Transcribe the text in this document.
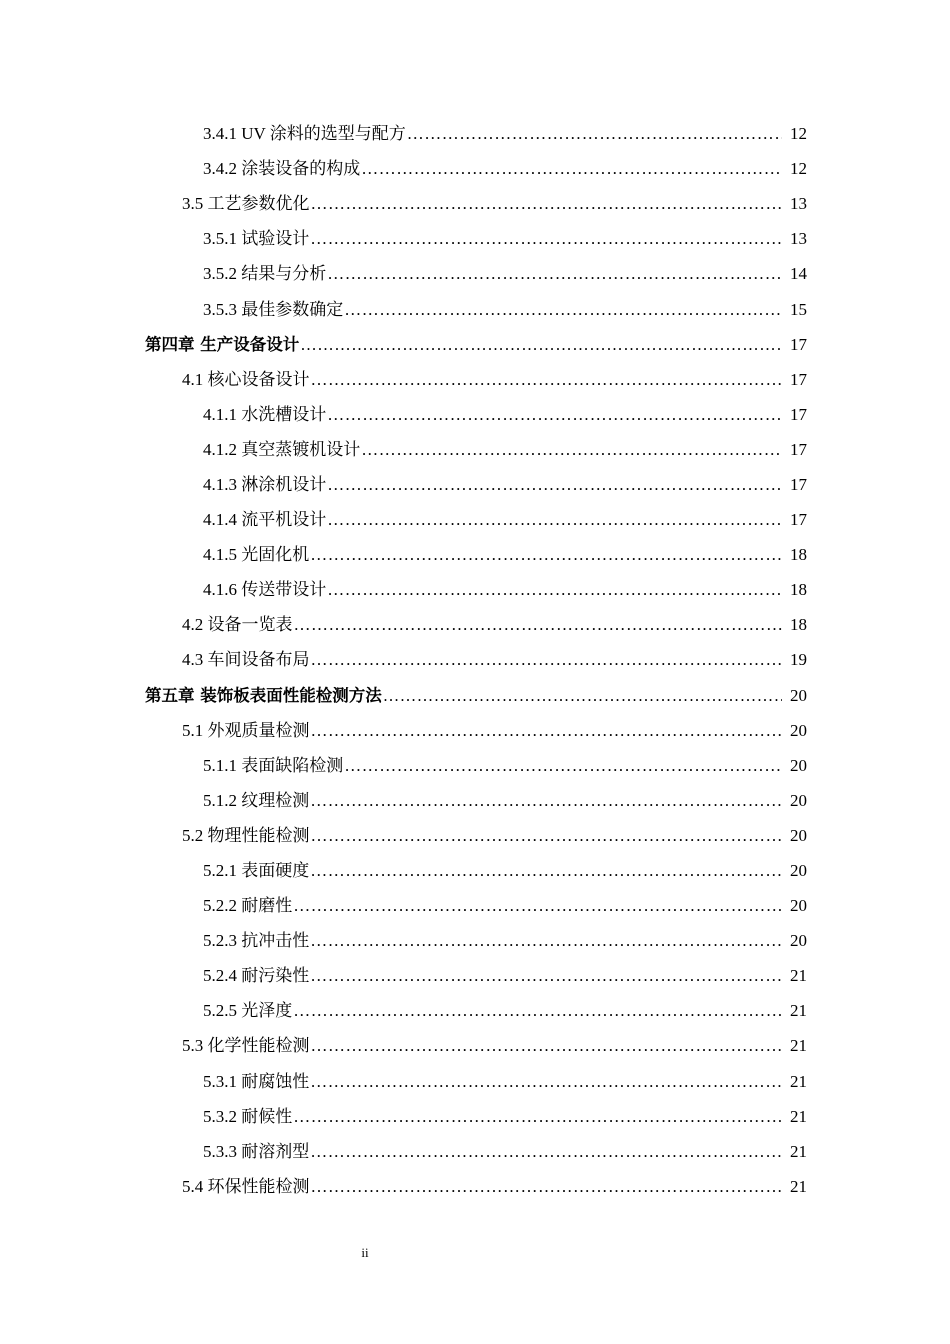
3.4.1 UV 涂料的选型与配方 ……………………………………………………………………………………………………………………………………………………………………………………………………………………	12
3.4.2 涂装设备的构成 ……………………………………………………………………………………………………………………………………………………………………………………………………………………	12
3.5 工艺参数优化 ……………………………………………………………………………………………………………………………………………………………………………………………………………………	13
3.5.1 试验设计 ……………………………………………………………………………………………………………………………………………………………………………………………………………………	13
3.5.2 结果与分析 ……………………………………………………………………………………………………………………………………………………………………………………………………………………	14
3.5.3 最佳参数确定 ……………………………………………………………………………………………………………………………………………………………………………………………………………………	15
第四章 生产设备设计 ……………………………………………………………………………………………………………………………………………………………………………………………………………………	17
4.1 核心设备设计 ……………………………………………………………………………………………………………………………………………………………………………………………………………………	17
4.1.1 水洗槽设计 ……………………………………………………………………………………………………………………………………………………………………………………………………………………	17
4.1.2 真空蒸镀机设计 ……………………………………………………………………………………………………………………………………………………………………………………………………………………	17
4.1.3 淋涂机设计 ……………………………………………………………………………………………………………………………………………………………………………………………………………………	17
4.1.4 流平机设计 ……………………………………………………………………………………………………………………………………………………………………………………………………………………	17
4.1.5 光固化机 ……………………………………………………………………………………………………………………………………………………………………………………………………………………	18
4.1.6 传送带设计 ……………………………………………………………………………………………………………………………………………………………………………………………………………………	18
4.2 设备一览表 ……………………………………………………………………………………………………………………………………………………………………………………………………………………	18
4.3 车间设备布局 ……………………………………………………………………………………………………………………………………………………………………………………………………………………	19
第五章 装饰板表面性能检测方法 ……………………………………………………………………………………………………………………………………………………………………………………………………………………	20
5.1 外观质量检测 ……………………………………………………………………………………………………………………………………………………………………………………………………………………	20
5.1.1 表面缺陷检测 ……………………………………………………………………………………………………………………………………………………………………………………………………………………	20
5.1.2 纹理检测 ……………………………………………………………………………………………………………………………………………………………………………………………………………………	20
5.2 物理性能检测 ……………………………………………………………………………………………………………………………………………………………………………………………………………………	20
5.2.1 表面硬度 ……………………………………………………………………………………………………………………………………………………………………………………………………………………	20
5.2.2 耐磨性 ……………………………………………………………………………………………………………………………………………………………………………………………………………………	20
5.2.3 抗冲击性 ……………………………………………………………………………………………………………………………………………………………………………………………………………………	20
5.2.4 耐污染性 ……………………………………………………………………………………………………………………………………………………………………………………………………………………	21
5.2.5 光泽度 ……………………………………………………………………………………………………………………………………………………………………………………………………………………	21
5.3 化学性能检测 ……………………………………………………………………………………………………………………………………………………………………………………………………………………	21
5.3.1 耐腐蚀性 ……………………………………………………………………………………………………………………………………………………………………………………………………………………	21
5.3.2 耐候性 ……………………………………………………………………………………………………………………………………………………………………………………………………………………	21
5.3.3 耐溶剂型 ……………………………………………………………………………………………………………………………………………………………………………………………………………………	21
5.4 环保性能检测 ……………………………………………………………………………………………………………………………………………………………………………………………………………………	21
ii
